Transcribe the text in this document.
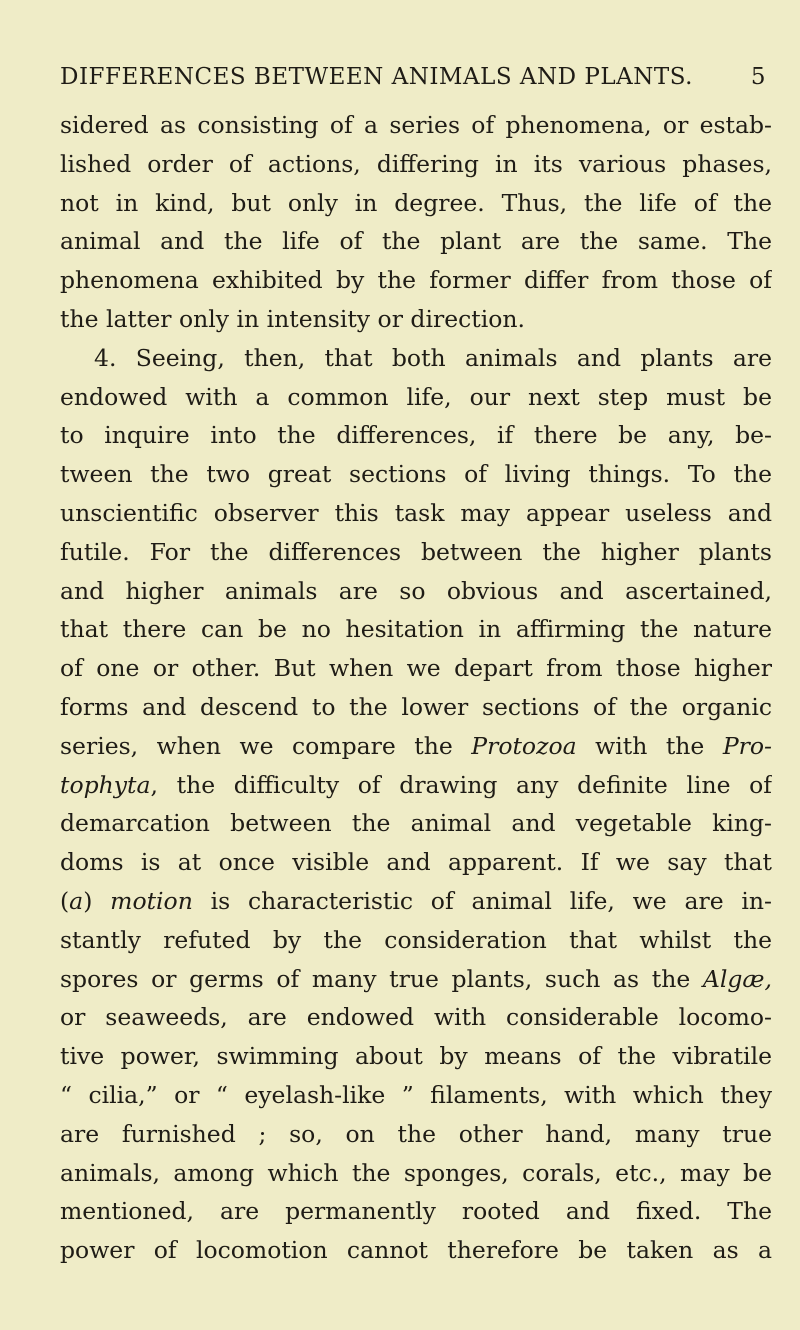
DIFFERENCES BETWEEN ANIMALS AND PLANTS.	5
sidered as consisting of a series of phenomena, or estab-
lished order of actions, differing in its various phases,
not in kind, but only in degree. Thus, the life of the
animal and the life of the plant are the same. The
phenomena exhibited by the former differ from those of
the latter only in intensity or direction.
4. Seeing, then, that both animals and plants are
endowed with a common life, our next step must be
to inquire into the differences, if there be any, be-
tween the two great sections of living things. To the
unscientific observer this task may appear useless and
futile. For the differences between the higher plants
and higher animals are so obvious and ascertained,
that there can be no hesitation in affirming the nature
of one or other. But when we depart from those higher
forms and descend to the lower sections of the organic
series, when we compare the Protozoa with the Pro-
tophyta, the difficulty of drawing any definite line of
demarcation between the animal and vegetable king-
doms is at once visible and apparent. If we say that
(a) motion is characteristic of animal life, we are in-
stantly refuted by the consideration that whilst the
spores or germs of many true plants, such as the Algæ,
or seaweeds, are endowed with considerable locomo-
tive power, swimming about by means of the vibratile
“ cilia,” or “ eyelash-like ” filaments, with which they
are furnished ; so, on the other hand, many true
animals, among which the sponges, corals, etc., may be
mentioned, are permanently rooted and fixed. The
power of locomotion cannot therefore be taken as a
